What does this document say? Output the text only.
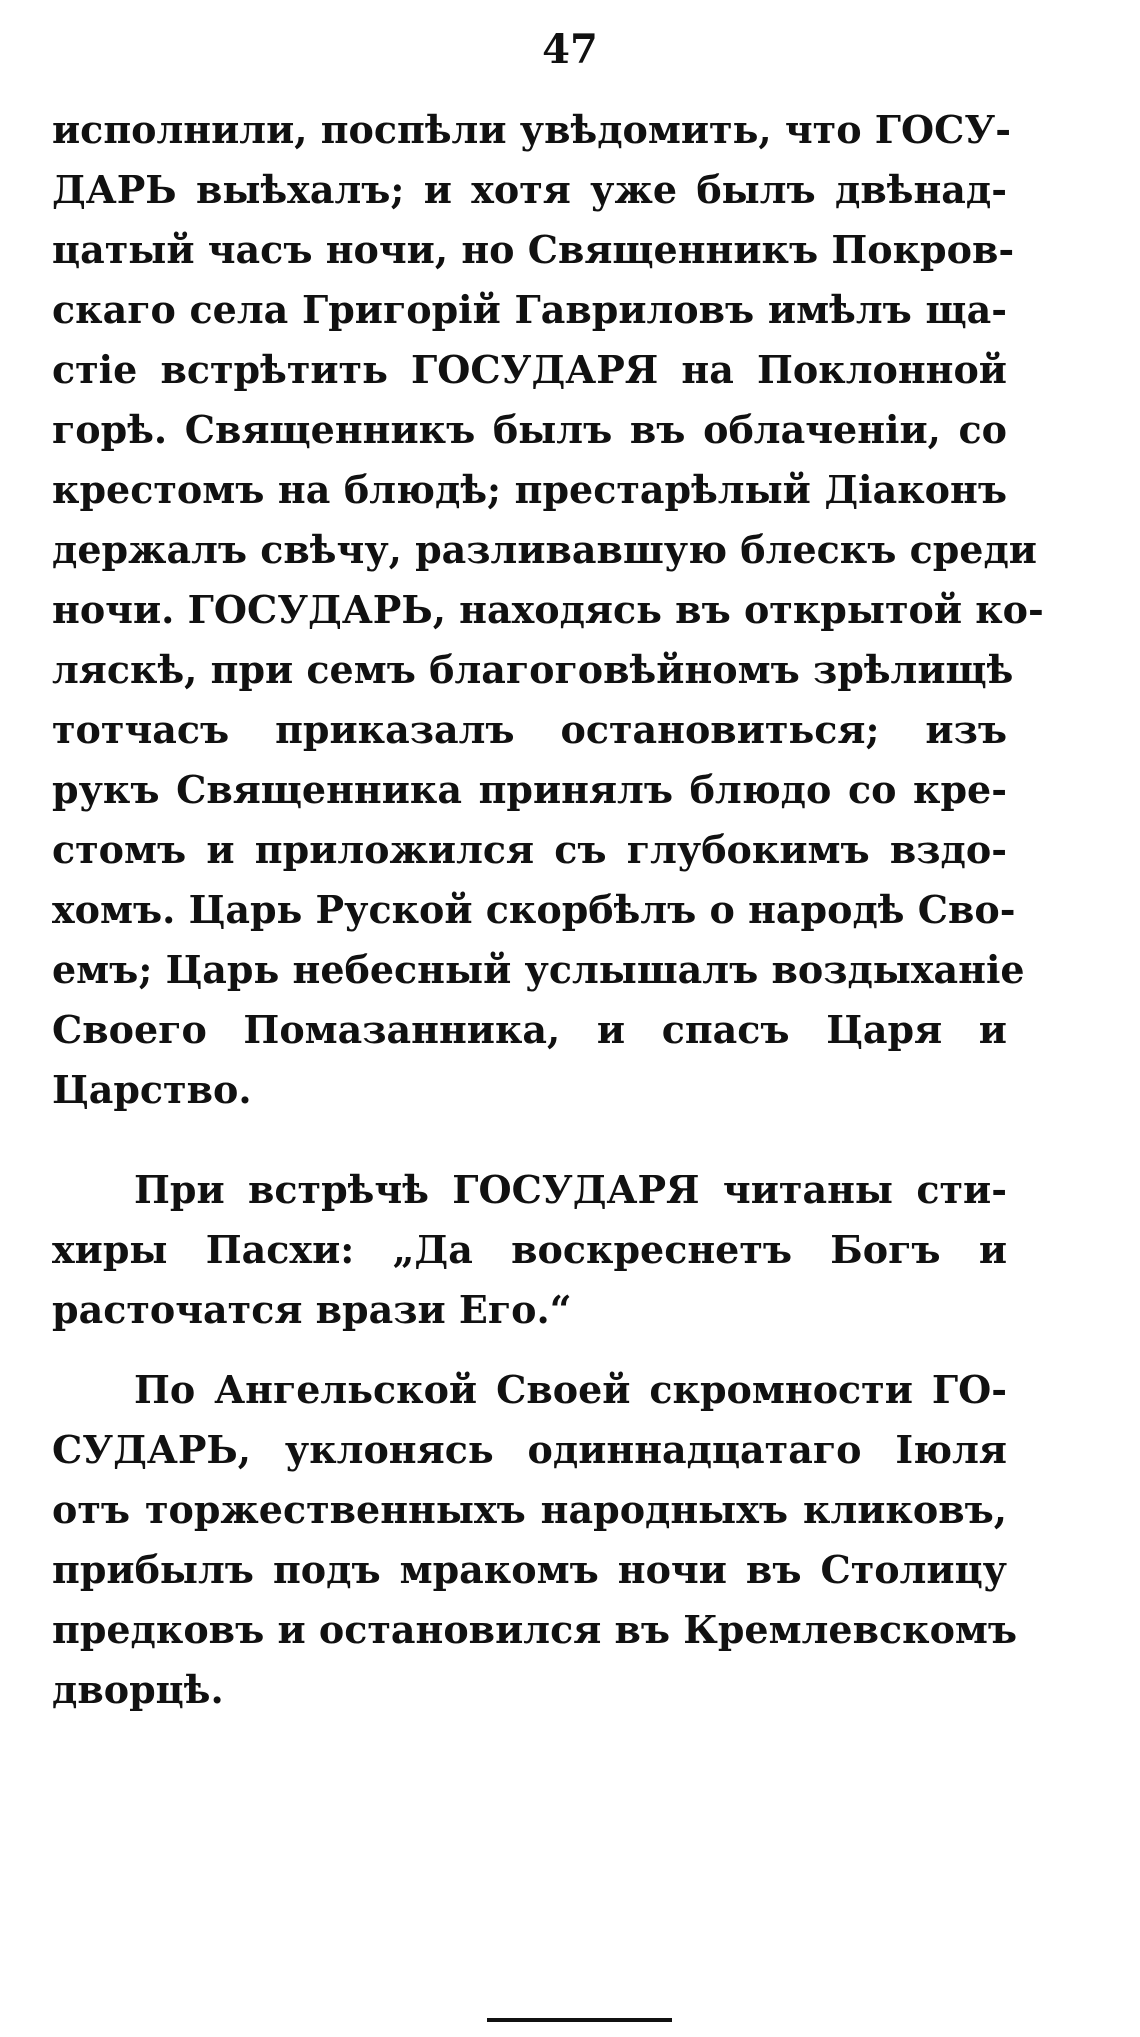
47
исполнили, поспѣли увѣдомить, что ГОСУ-
ДАРЬ выѣхалъ; и хотя уже былъ двѣнад-
цатый часъ ночи, но Священникъ Покров-
скаго села Григорій Гавриловъ имѣлъ ща-
стіе встрѣтить ГОСУДАРЯ на Поклонной
горѣ. Священникъ былъ въ облаченіи, со
крестомъ на блюдѣ; престарѣлый Діаконъ
держалъ свѣчу, разливавшую блескъ среди
ночи. ГОСУДАРЬ, находясь въ открытой ко-
ляскѣ, при семъ благоговѣйномъ зрѣлищѣ
тотчасъ приказалъ остановиться; изъ
рукъ Священника принялъ блюдо со кре-
стомъ и приложился съ глубокимъ вздо-
хомъ. Царь Руской скорбѣлъ о народѣ Сво-
емъ; Царь небесный услышалъ воздыханіе
Своего Помазанника, и спасъ Царя и
Царство.
При встрѣчѣ ГОСУДАРЯ читаны сти-
хиры Пасхи: „Да воскреснетъ Богъ и
расточатся врази Его.“
По Ангельской Своей скромности ГО-
СУДАРЬ, уклонясь одиннадцатаго Іюля
отъ торжественныхъ народныхъ кликовъ,
прибылъ подъ мракомъ ночи въ Столицу
предковъ и остановился въ Кремлевскомъ
дворцѣ.
